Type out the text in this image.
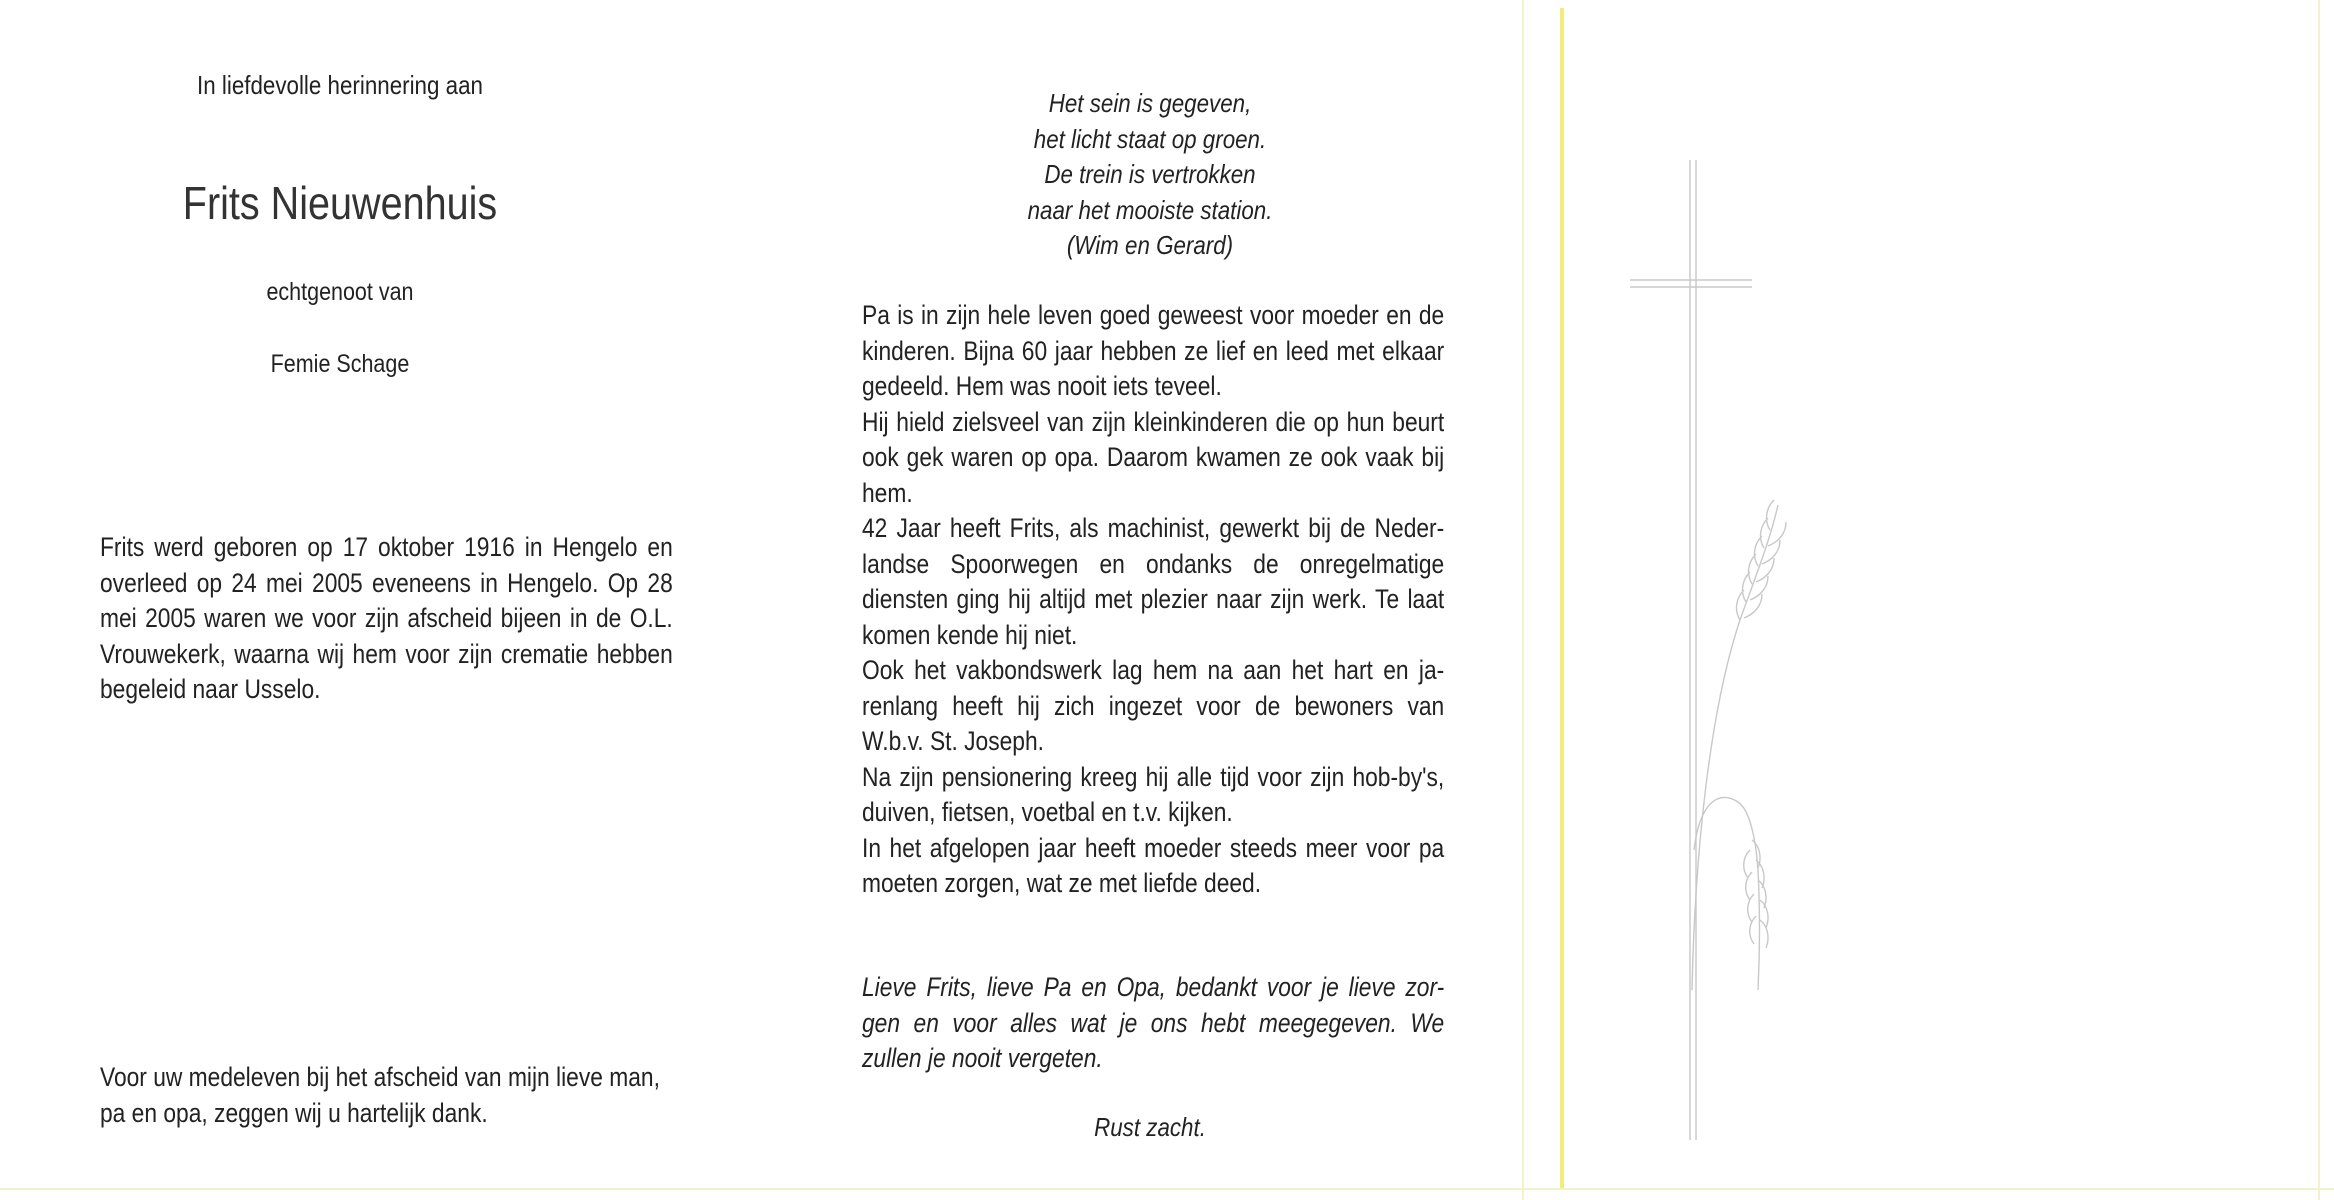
In liefdevolle herinnering aan
Frits Nieuwenhuis
echtgenoot van
Femie Schage
Frits werd geboren op 17 oktober 1916 in Hengelo en overleed op 24 mei 2005 eveneens in Hengelo. Op 28 mei 2005 waren we voor zijn afscheid bijeen in de O.L. Vrouwekerk, waarna wij hem voor zijn crematie hebben begeleid naar Usselo.
Voor uw medeleven bij het afscheid van mijn lieve man, pa en opa, zeggen wij u hartelijk dank.
Het sein is gegeven,
het licht staat op groen.
De trein is vertrokken
naar het mooiste station.
(Wim en Gerard)

Pa is in zijn hele leven goed geweest voor moeder en de kinderen. Bijna 60 jaar hebben ze lief en leed met elkaar gedeeld. Hem was nooit iets teveel.

Hij hield zielsveel van zijn kleinkinderen die op hun beurt ook gek waren op opa. Daarom kwamen ze ook vaak bij hem.

42 Jaar heeft Frits, als machinist, gewerkt bij de Neder-landse Spoorwegen en ondanks de onregelmatige diensten ging hij altijd met plezier naar zijn werk. Te laat komen kende hij niet.

Ook het vakbondswerk lag hem na aan het hart en ja-renlang heeft hij zich ingezet voor de bewoners van W.b.v. St. Joseph.

Na zijn pensionering kreeg hij alle tijd voor zijn hob-by's, duiven, fietsen, voetbal en t.v. kijken.

In het afgelopen jaar heeft moeder steeds meer voor pa moeten zorgen, wat ze met liefde deed.

Lieve Frits, lieve Pa en Opa, bedankt voor je lieve zor-gen en voor alles wat je ons hebt meegegeven. We zullen je nooit vergeten.
Rust zacht.
